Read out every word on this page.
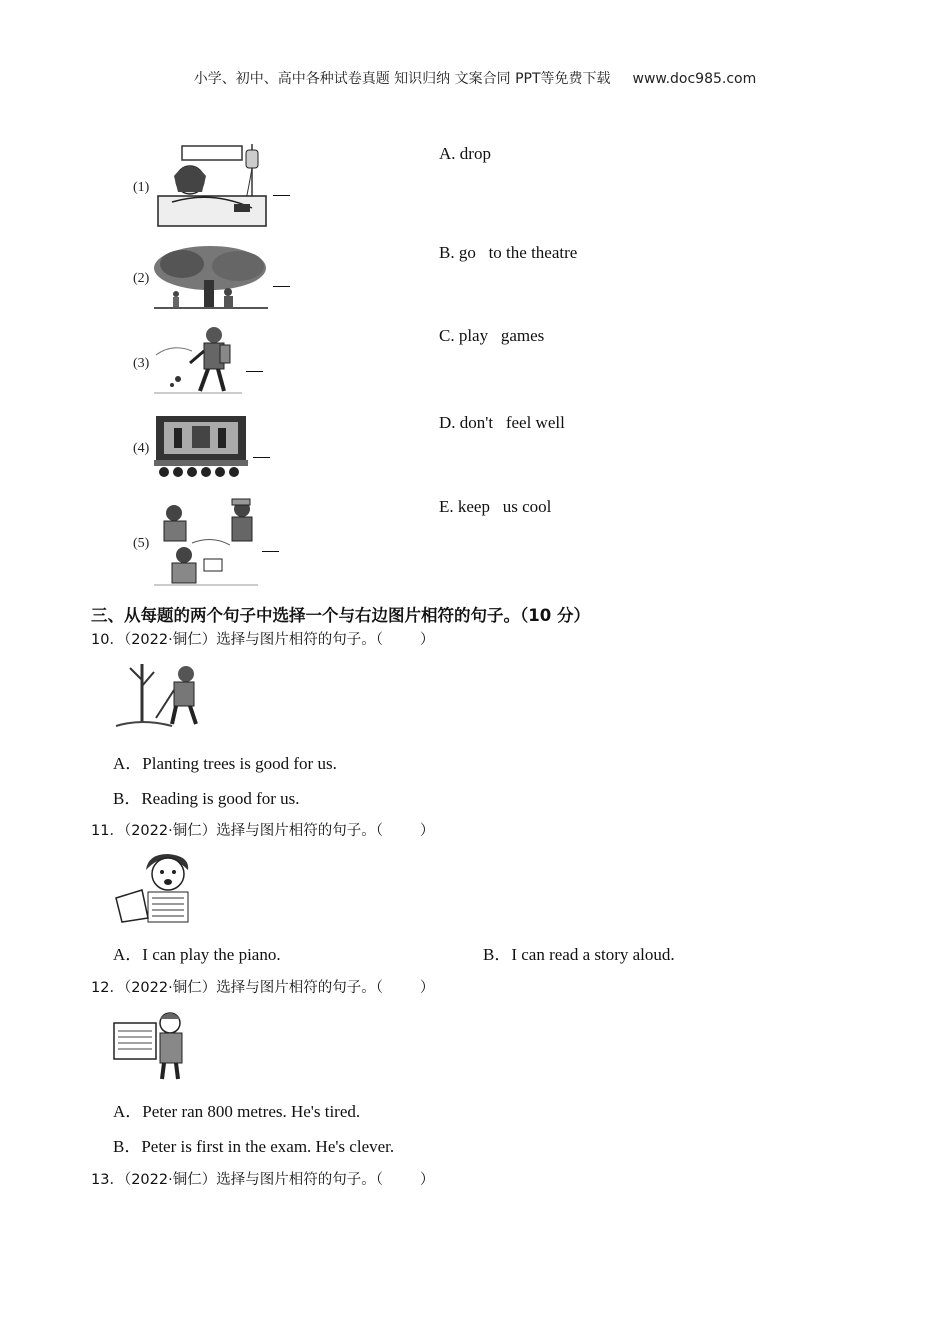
小学、初中、高中各种试卷真题 知识归纳 文案合同 PPT等免费下载 www.doc985.com
(1)
(2)
(3)
(4)
(5)
A. drop
B. go   to the theatre
C. play   games
D. don't   feel well
E. keep   us cool
三、从每题的两个句子中选择一个与右边图片相符的句子。（10 分）
10．（2022·铜仁）选择与图片相符的句子。（        ）
A．Planting trees is good for us.
B．Reading is good for us.
11．（2022·铜仁）选择与图片相符的句子。（        ）
A．I can play the piano.	B．I can read a story aloud.
12．（2022·铜仁）选择与图片相符的句子。（        ）
A．Peter ran 800 metres. He's tired.
B．Peter is first in the exam. He's clever.
13．（2022·铜仁）选择与图片相符的句子。（        ）
